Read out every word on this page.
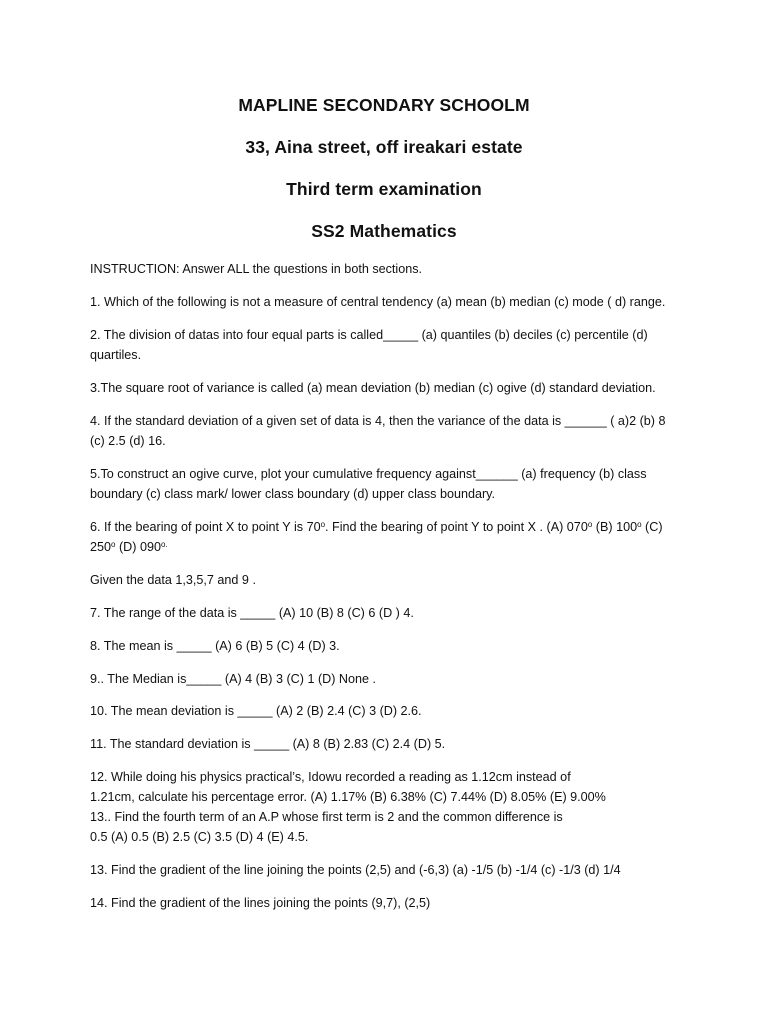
MAPLINE SECONDARY SCHOOLM
33, Aina street, off ireakari estate
Third term examination
SS2 Mathematics
INSTRUCTION: Answer ALL the questions in both sections.
1. Which of the following is not a measure of central tendency (a) mean (b) median (c) mode ( d) range.
2. The division of datas into four equal parts is called_____ (a) quantiles (b) deciles (c) percentile (d)
quartiles.
3.The square root of variance is called (a) mean deviation (b) median (c) ogive (d) standard deviation.
4. If the standard deviation of a given set of data is 4, then the variance of the data is ______ ( a)2 (b) 8
(c) 2.5 (d) 16.
5.To construct an ogive curve, plot your cumulative frequency against______ (a) frequency (b) class
boundary (c) class mark/ lower class boundary (d) upper class boundary.
6. If the bearing of point X to point Y is 70$^o$. Find the bearing of point Y to point X . (A) 070$^o$ (B) 100$^o$ (C)
250$^o$ (D) $090^{o.}$
Given the data 1,3,5,7 and 9 .
7. The range of the data is _____ (A) 10 (B) 8 (C) 6 (D ) 4.
8. The mean is _____ (A) 6 (B) 5 (C) 4 (D) 3.
9.. The Median is_____ (A) 4 (B) 3 (C) 1 (D) None .
10. The mean deviation is _____ (A) 2 (B) 2.4 (C) 3 (D) 2.6.
11. The standard deviation is _____ (A) 8 (B) 2.83 (C) 2.4 (D) 5.
12. While doing his physics practical’s, Idowu recorded a reading as 1.12cm instead of
1.21cm, calculate his percentage error. (A) 1.17% (B) 6.38% (C) 7.44% (D) 8.05% (E) 9.00%
13.. Find the fourth term of an A.P whose first term is 2 and the common difference is
0.5 (A) 0.5 (B) 2.5 (C) 3.5 (D) 4 (E) 4.5.
13. Find the gradient of the line joining the points (2,5) and (-6,3) (a) -1/5 (b) -1/4 (c) -1/3 (d) 1/4
14. Find the gradient of the lines joining the points (9,7), (2,5)
